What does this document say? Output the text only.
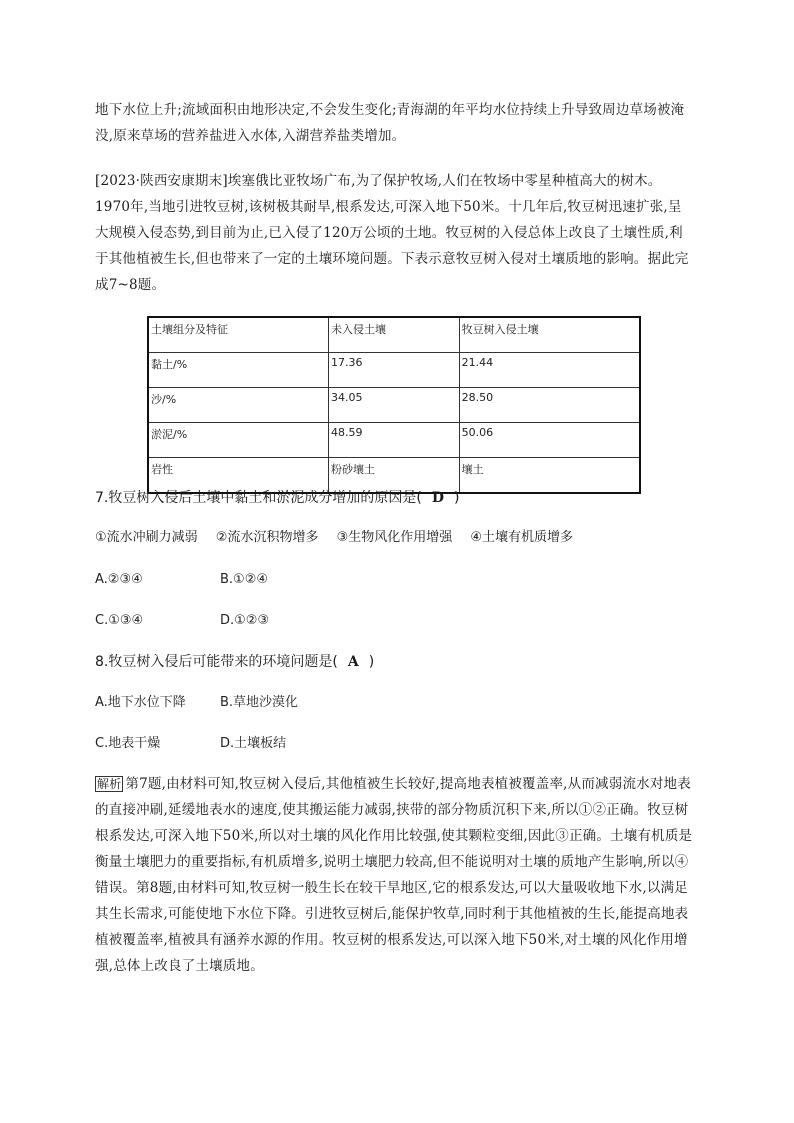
地下水位上升;流域面积由地形决定,不会发生变化;青海湖的年平均水位持续上升导致周边草场被淹没,原来草场的营养盐进入水体,入湖营养盐类增加。

[2023·陕西安康期末]埃塞俄比亚牧场广布,为了保护牧场,人们在牧场中零星种植高大的树木。1970年,当地引进牧豆树,该树极其耐旱,根系发达,可深入地下50米。十几年后,牧豆树迅速扩张,呈大规模入侵态势,到目前为止,已入侵了120万公顷的土地。牧豆树的入侵总体上改良了土壤性质,利于其他植被生长,但也带来了一定的土壤环境问题。下表示意牧豆树入侵对土壤质地的影响。据此完成7~8题。

土壤组分及特征	未入侵土壤	牧豆树入侵土壤
黏土/%	17.36	21.44
沙/%	34.05	28.50
淤泥/%	48.59	50.06
岩性	粉砂壤土	壤土
7.牧豆树入侵后土壤中黏土和淤泥成分增加的原因是( D )
①流水冲刷力减弱 ②流水沉积物增多 ③生物风化作用增强 ④土壤有机质增多
A.②③④	B.①②④
C.①③④	D.①②③
8.牧豆树入侵后可能带来的环境问题是( A )
A.地下水位下降	B.草地沙漠化
C.地表干燥	D.土壤板结

解析 第7题,由材料可知,牧豆树入侵后,其他植被生长较好,提高地表植被覆盖率,从而减弱流水对地表的直接冲刷,延缓地表水的速度,使其搬运能力减弱,挟带的部分物质沉积下来,所以①②正确。牧豆树根系发达,可深入地下50米,所以对土壤的风化作用比较强,使其颗粒变细,因此③正确。土壤有机质是衡量土壤肥力的重要指标,有机质增多,说明土壤肥力较高,但不能说明对土壤的质地产生影响,所以④错误。第8题,由材料可知,牧豆树一般生长在较干旱地区,它的根系发达,可以大量吸收地下水,以满足其生长需求,可能使地下水位下降。引进牧豆树后,能保护牧草,同时利于其他植被的生长,能提高地表植被覆盖率,植被具有涵养水源的作用。牧豆树的根系发达,可以深入地下50米,对土壤的风化作用增强,总体上改良了土壤质地。
